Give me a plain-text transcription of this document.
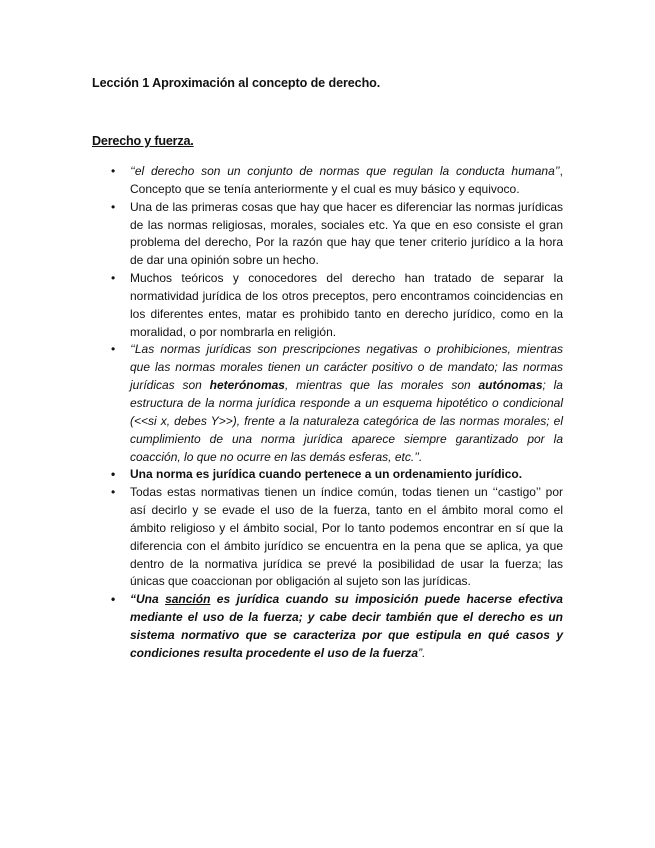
Lección 1 Aproximación al concepto de derecho.
Derecho y fuerza.
•	‘‘el derecho son un conjunto de normas que regulan la conducta humana’’, Concepto que se tenía anteriormente y el cual es muy básico y equivoco.
•	Una de las primeras cosas que hay que hacer es diferenciar las normas jurídicas de las normas religiosas, morales, sociales etc. Ya que en eso consiste el gran problema del derecho, Por la razón que hay que tener criterio jurídico a la hora de dar una opinión sobre un hecho.
•	Muchos teóricos y conocedores del derecho han tratado de separar la normatividad jurídica de los otros preceptos, pero encontramos coincidencias en los diferentes entes, matar es prohibido tanto en derecho jurídico, como en la moralidad, o por nombrarla en religión.
•	‘‘Las normas jurídicas son prescripciones negativas o prohibiciones, mientras que las normas morales tienen un carácter positivo o de mandato; las normas jurídicas son heterónomas, mientras que las morales son autónomas; la estructura de la norma jurídica responde a un esquema hipotético o condicional (<<si x, debes Y>>), frente a la naturaleza categórica de las normas morales; el cumplimiento de una norma jurídica aparece siempre garantizado por la coacción, lo que no ocurre en las demás esferas, etc.’’.
•	Una norma es jurídica cuando pertenece a un ordenamiento jurídico.
•	Todas estas normativas tienen un índice común, todas tienen un ‘‘castigo’’ por así decirlo y se evade el uso de la fuerza, tanto en el ámbito moral como el ámbito religioso y el ámbito social, Por lo tanto podemos encontrar en sí que la diferencia con el ámbito jurídico se encuentra en la pena que se aplica, ya que dentro de la normativa jurídica se prevé la posibilidad de usar la fuerza; las únicas que coaccionan por obligación al sujeto son las jurídicas.
•	“Una sanción es jurídica cuando su imposición puede hacerse efectiva mediante el uso de la fuerza; y cabe decir también que el derecho es un sistema normativo que se caracteriza por que estipula en qué casos y condiciones resulta procedente el uso de la fuerza”.
